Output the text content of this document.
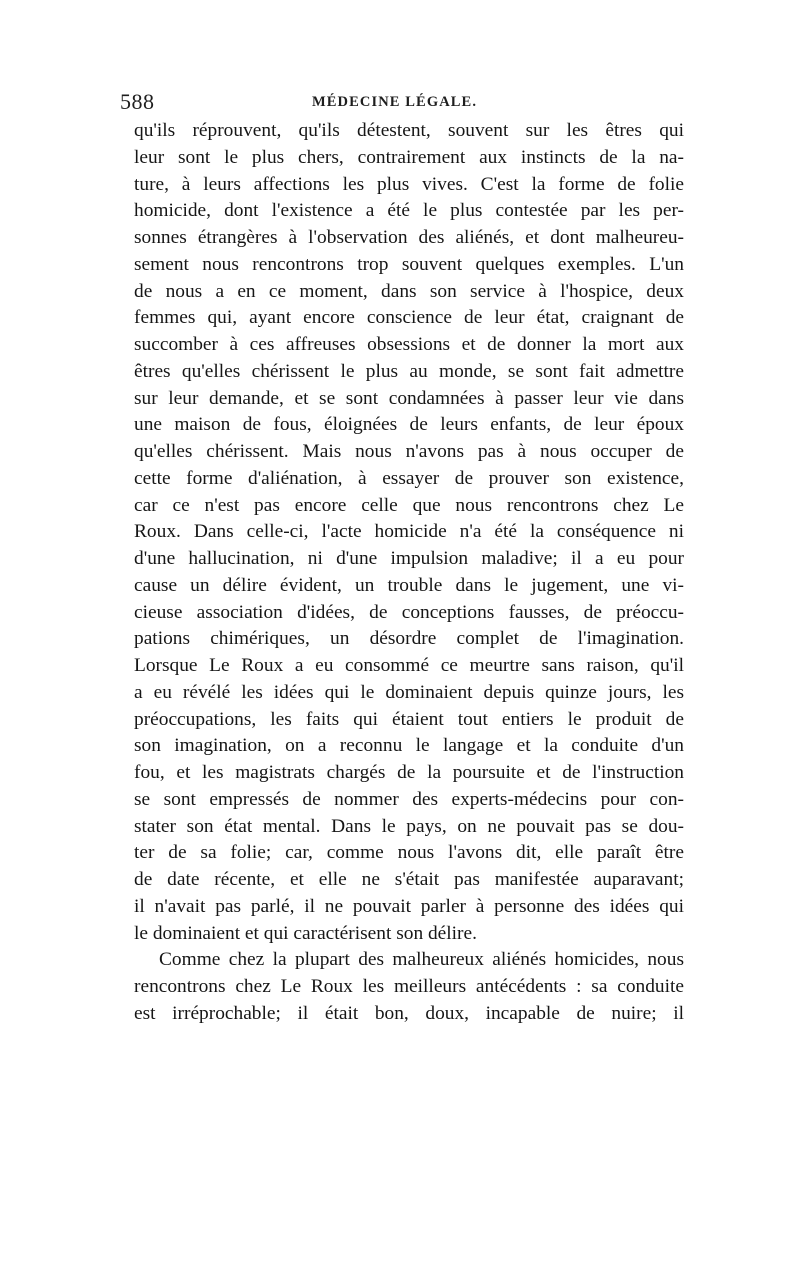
588	MÉDECINE LÉGALE.
qu'ils réprouvent, qu'ils détestent, souvent sur les êtres qui
leur sont le plus chers, contrairement aux instincts de la na-
ture, à leurs affections les plus vives. C'est la forme de folie
homicide, dont l'existence a été le plus contestée par les per-
sonnes étrangères à l'observation des aliénés, et dont malheureu-
sement nous rencontrons trop souvent quelques exemples. L'un
de nous a en ce moment, dans son service à l'hospice, deux
femmes qui, ayant encore conscience de leur état, craignant de
succomber à ces affreuses obsessions et de donner la mort aux
êtres qu'elles chérissent le plus au monde, se sont fait admettre
sur leur demande, et se sont condamnées à passer leur vie dans
une maison de fous, éloignées de leurs enfants, de leur époux
qu'elles chérissent. Mais nous n'avons pas à nous occuper de
cette forme d'aliénation, à essayer de prouver son existence,
car ce n'est pas encore celle que nous rencontrons chez Le
Roux. Dans celle-ci, l'acte homicide n'a été la conséquence ni
d'une hallucination, ni d'une impulsion maladive; il a eu pour
cause un délire évident, un trouble dans le jugement, une vi-
cieuse association d'idées, de conceptions fausses, de préoccu-
pations chimériques, un désordre complet de l'imagination.
Lorsque Le Roux a eu consommé ce meurtre sans raison, qu'il
a eu révélé les idées qui le dominaient depuis quinze jours, les
préoccupations, les faits qui étaient tout entiers le produit de
son imagination, on a reconnu le langage et la conduite d'un
fou, et les magistrats chargés de la poursuite et de l'instruction
se sont empressés de nommer des experts-médecins pour con-
stater son état mental. Dans le pays, on ne pouvait pas se dou-
ter de sa folie; car, comme nous l'avons dit, elle paraît être
de date récente, et elle ne s'était pas manifestée auparavant;
il n'avait pas parlé, il ne pouvait parler à personne des idées qui
le dominaient et qui caractérisent son délire.
Comme chez la plupart des malheureux aliénés homicides, nous
rencontrons chez Le Roux les meilleurs antécédents : sa conduite
est irréprochable; il était bon, doux, incapable de nuire; il
